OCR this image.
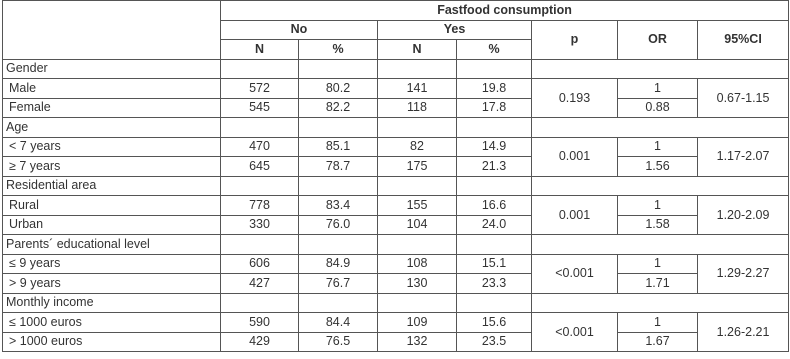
	Fastfood consumption						
	No		Yes		p	OR	95%CI
	N	%	N	%			
Gender							
Male	572	80.2	141	19.8	0.193	1	0.67-1.15
Female	545	82.2	118	17.8		0.88	
Age							
< 7 years	470	85.1	82	14.9	0.001	1	1.17-2.07
≥ 7 years	645	78.7	175	21.3		1.56	
Residential area							
Rural	778	83.4	155	16.6	0.001	1	1.20-2.09
Urban	330	76.0	104	24.0		1.58	
Parents´ educational level							
≤ 9 years	606	84.9	108	15.1	<0.001	1	1.29-2.27
> 9 years	427	76.7	130	23.3		1.71	
Monthly income							
≤ 1000 euros	590	84.4	109	15.6	<0.001	1	1.26-2.21
> 1000 euros	429	76.5	132	23.5		1.67	
